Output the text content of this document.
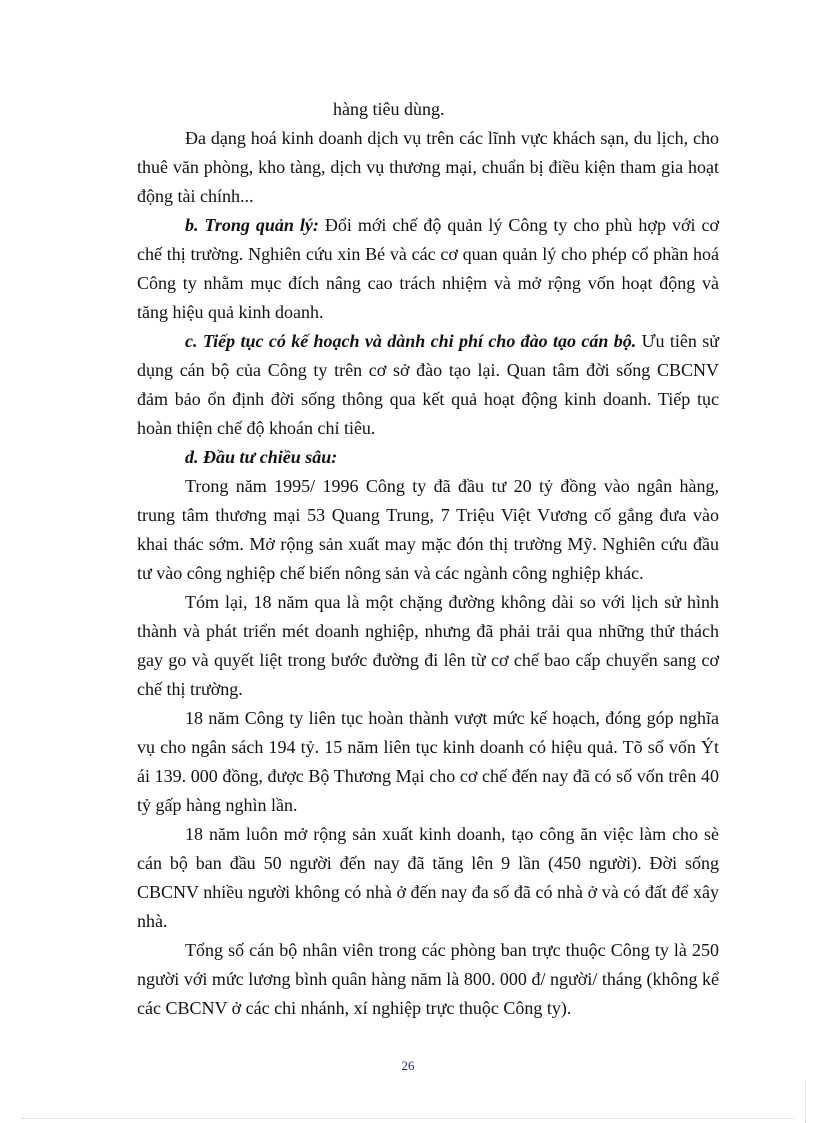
hàng tiêu dùng.

Đa dạng hoá kinh doanh dịch vụ trên các lĩnh vực khách sạn, du lịch, cho thuê văn phòng, kho tàng, dịch vụ thương mại, chuẩn bị điều kiện tham gia hoạt động tài chính...

b. Trong quản lý: Đổi mới chế độ quản lý Công ty cho phù hợp với cơ chế thị trường. Nghiên cứu xin Bé và các cơ quan quản lý cho phép cổ phần hoá Công ty nhằm mục đích nâng cao trách nhiệm và mở rộng vốn hoạt động và tăng hiệu quả kinh doanh.

c. Tiếp tục có kế hoạch và dành chi phí cho đào tạo cán bộ. Ưu tiên sử dụng cán bộ của Công ty trên cơ sở đào tạo lại. Quan tâm đời sống CBCNV đảm bảo ổn định đời sống thông qua kết quả hoạt động kinh doanh. Tiếp tục hoàn thiện chế độ khoán chỉ tiêu.

d. Đầu tư chiều sâu:

Trong năm 1995/ 1996 Công ty đã đầu tư 20 tỷ đồng vào ngân hàng, trung tâm thương mại 53 Quang Trung, 7 Triệu Việt Vương cố gắng đưa vào khai thác sớm. Mở rộng sản xuất may mặc đón thị trường Mỹ. Nghiên cứu đầu tư vào công nghiệp chế biến nông sản và các ngành công nghiệp khác.

Tóm lại, 18 năm qua là một chặng đường không dài so với lịch sử hình thành và phát triển mét doanh nghiệp, nhưng đã phải trải qua những thử thách gay go và quyết liệt trong bước đường đi lên từ cơ chế bao cấp chuyển sang cơ chế thị trường.

18 năm Công ty liên tục hoàn thành vượt mức kế hoạch, đóng góp nghĩa vụ cho ngân sách 194 tỷ. 15 năm liên tục kinh doanh có hiệu quả. Tõ số vốn Ýt ái 139. 000 đồng, được Bộ Thương Mại cho cơ chế đến nay đã có số vốn trên 40 tỷ gấp hàng nghìn lần.

18 năm luôn mở rộng sản xuất kinh doanh, tạo công ăn việc làm cho sè cán bộ ban đầu 50 người đến nay đã tăng lên 9 lần (450 người). Đời sống CBCNV nhiều người không có nhà ở đến nay đa số đã có nhà ở và có đất để xây nhà.

Tổng số cán bộ nhân viên trong các phòng ban trực thuộc Công ty là 250 người với mức lương bình quân hàng năm là 800. 000 đ/ người/ tháng (không kể các CBCNV ở các chi nhánh, xí nghiệp trực thuộc Công ty).

26
